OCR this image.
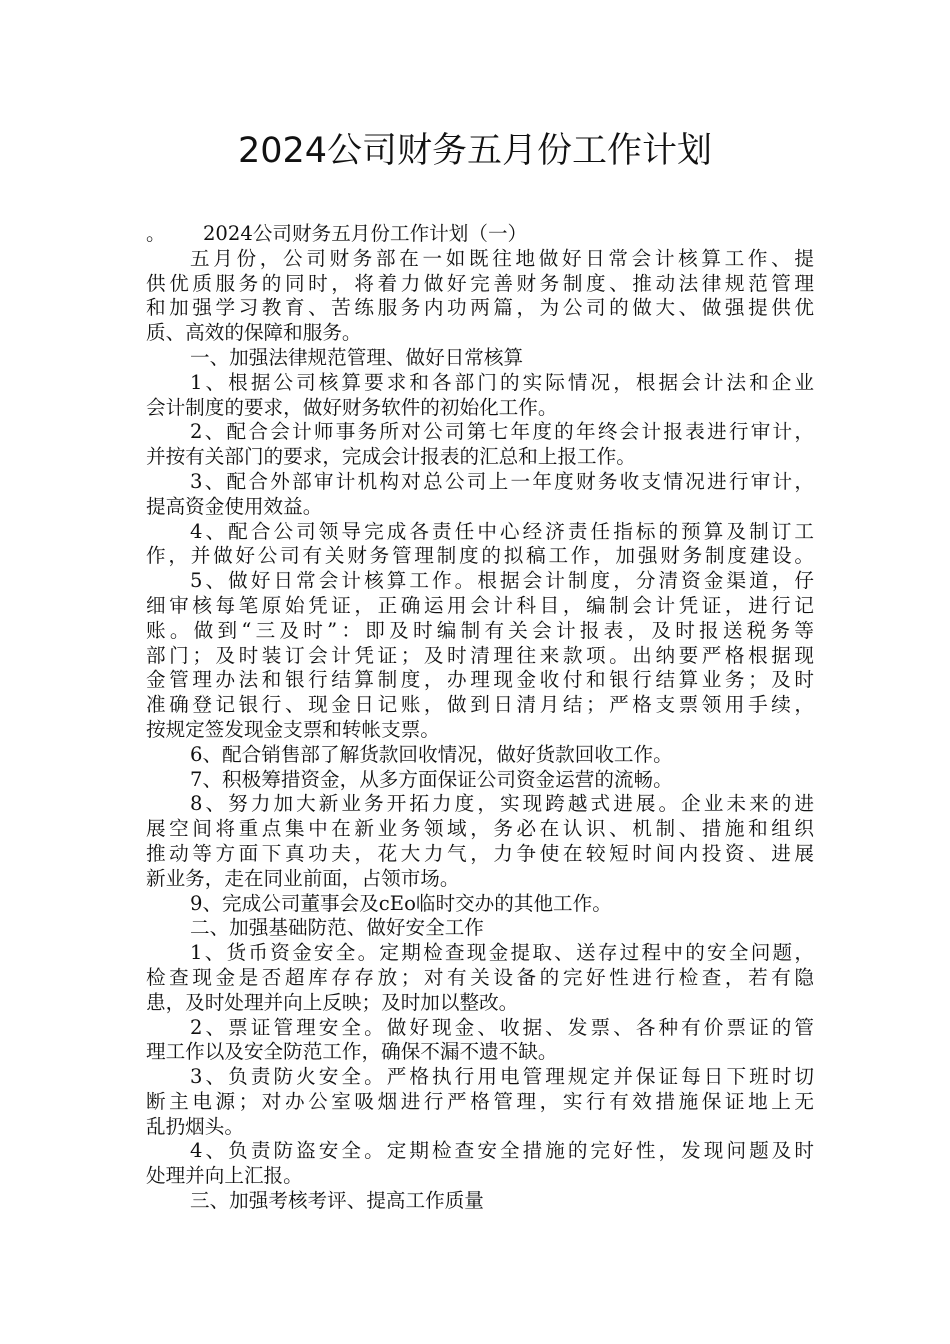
2024公司财务五月份工作计划
。      2024公司财务五月份工作计划（一）
五月份，公司财务部在一如既往地做好日常会计核算工作、提
供优质服务的同时，将着力做好完善财务制度、推动法律规范管理
和加强学习教育、苦练服务内功两篇，为公司的做大、做强提供优
质、高效的保障和服务。
一、加强法律规范管理、做好日常核算
1、根据公司核算要求和各部门的实际情况，根据会计法和企业
会计制度的要求，做好财务软件的初始化工作。
2、配合会计师事务所对公司第七年度的年终会计报表进行审计，
并按有关部门的要求，完成会计报表的汇总和上报工作。
3、配合外部审计机构对总公司上一年度财务收支情况进行审计，
提高资金使用效益。
4、配合公司领导完成各责任中心经济责任指标的预算及制订工
作，并做好公司有关财务管理制度的拟稿工作，加强财务制度建设。
5、做好日常会计核算工作。根据会计制度，分清资金渠道，仔
细审核每笔原始凭证，正确运用会计科目，编制会计凭证，进行记
账。做到“三及时”：即及时编制有关会计报表，及时报送税务等
部门；及时装订会计凭证；及时清理往来款项。出纳要严格根据现
金管理办法和银行结算制度，办理现金收付和银行结算业务；及时
准确登记银行、现金日记账，做到日清月结；严格支票领用手续，
按规定签发现金支票和转帐支票。
6、配合销售部了解货款回收情况，做好货款回收工作。
7、积极筹措资金，从多方面保证公司资金运营的流畅。
8、努力加大新业务开拓力度，实现跨越式进展。企业未来的进
展空间将重点集中在新业务领域，务必在认识、机制、措施和组织
推动等方面下真功夫，花大力气，力争使在较短时间内投资、进展
新业务，走在同业前面，占领市场。
9、完成公司董事会及cEo临时交办的其他工作。
二、加强基础防范、做好安全工作
1、货币资金安全。定期检查现金提取、送存过程中的安全问题，
检查现金是否超库存存放；对有关设备的完好性进行检查，若有隐
患，及时处理并向上反映；及时加以整改。
2、票证管理安全。做好现金、收据、发票、各种有价票证的管
理工作以及安全防范工作，确保不漏不遗不缺。
3、负责防火安全。严格执行用电管理规定并保证每日下班时切
断主电源；对办公室吸烟进行严格管理，实行有效措施保证地上无
乱扔烟头。
4、负责防盗安全。定期检查安全措施的完好性，发现问题及时
处理并向上汇报。
三、加强考核考评、提高工作质量
